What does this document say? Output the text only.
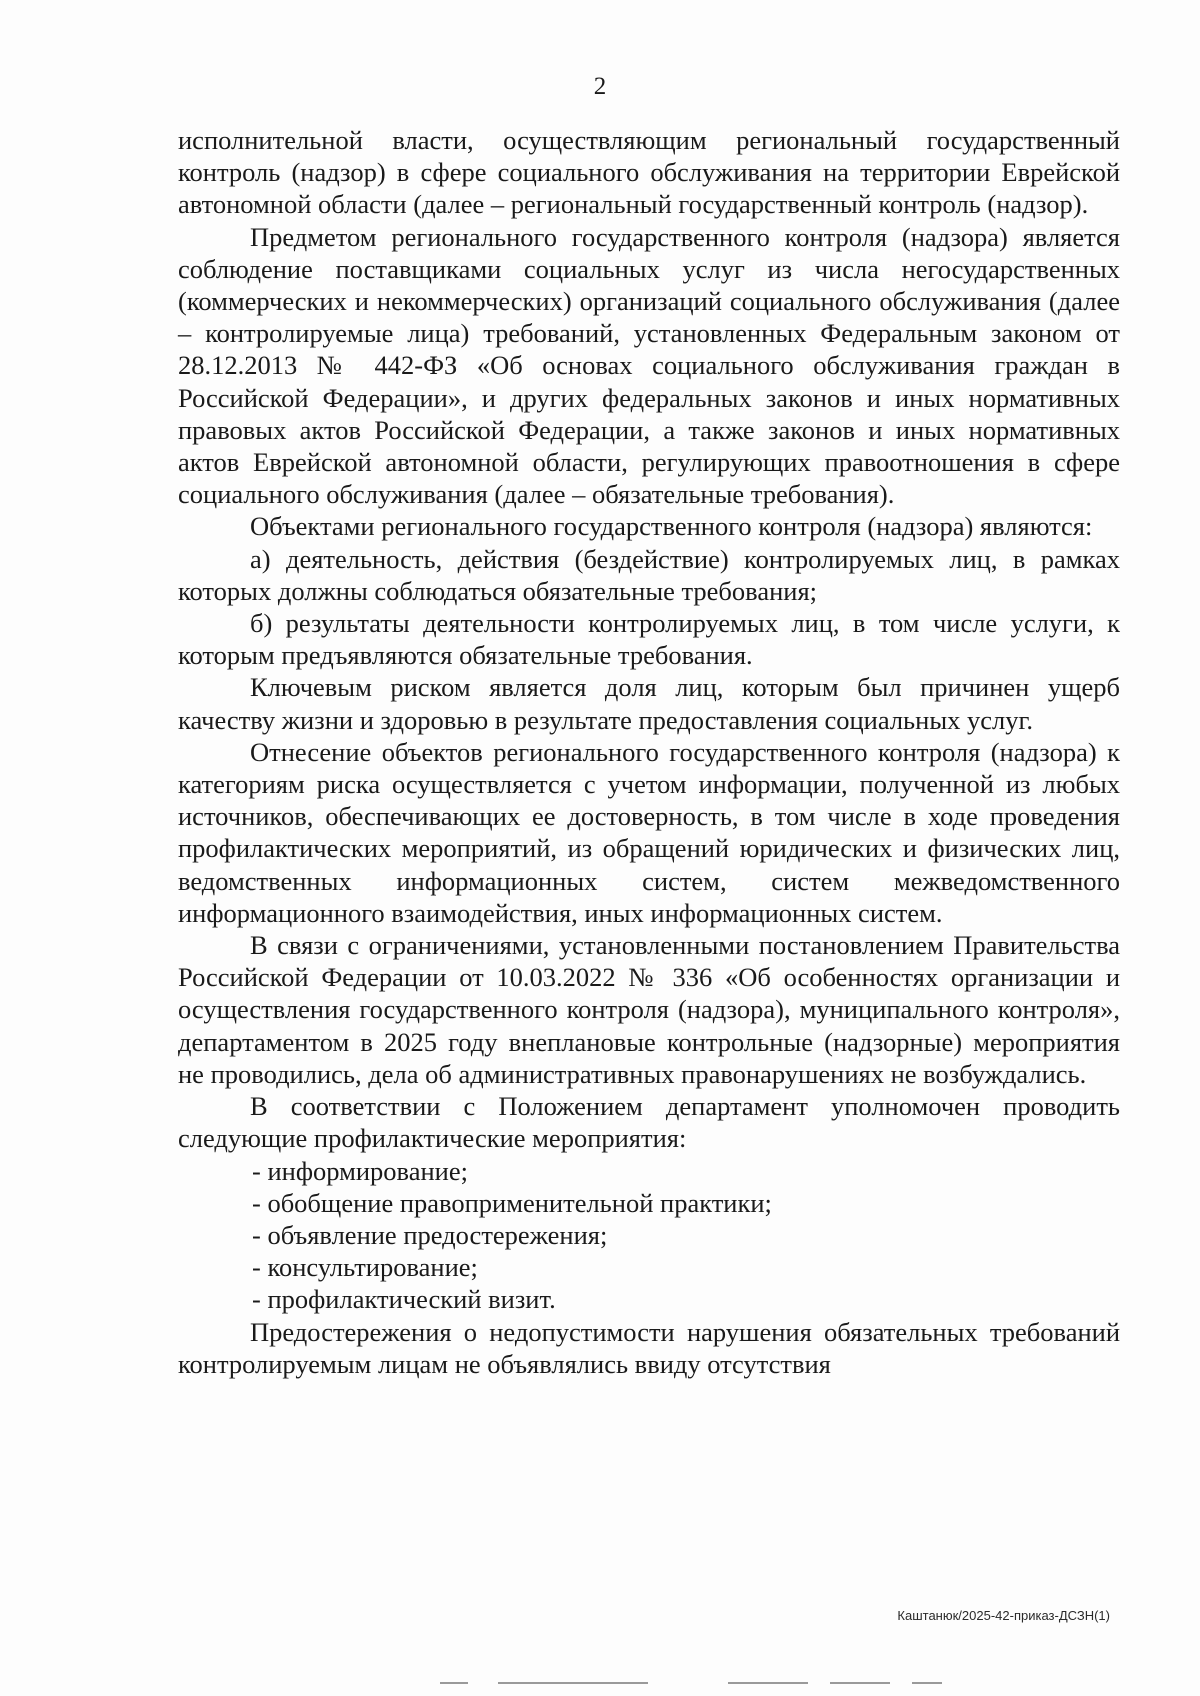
2

исполнительной власти, осуществляющим региональный государственный контроль (надзор) в сфере социального обслуживания на территории Еврейской автономной области (далее – региональный государственный контроль (надзор).

Предметом регионального государственного контроля (надзора) является соблюдение поставщиками социальных услуг из числа негосударственных (коммерческих и некоммерческих) организаций социального обслуживания (далее – контролируемые лица) требований, установленных Федеральным законом от 28.12.2013 № 442-ФЗ «Об основах социального обслуживания граждан в Российской Федерации», и других федеральных законов и иных нормативных правовых актов Российской Федерации, а также законов и иных нормативных актов Еврейской автономной области, регулирующих правоотношения в сфере социального обслуживания (далее – обязательные требования).

Объектами регионального государственного контроля (надзора) являются:

а) деятельность, действия (бездействие) контролируемых лиц, в рамках которых должны соблюдаться обязательные требования;

б) результаты деятельности контролируемых лиц, в том числе услуги, к которым предъявляются обязательные требования.

Ключевым риском является доля лиц, которым был причинен ущерб качеству жизни и здоровью в результате предоставления социальных услуг.

Отнесение объектов регионального государственного контроля (надзора) к категориям риска осуществляется с учетом информации, полученной из любых источников, обеспечивающих ее достоверность, в том числе в ходе проведения профилактических мероприятий, из обращений юридических и физических лиц, ведомственных информационных систем, систем межведомственного информационного взаимодействия, иных информационных систем.

В связи с ограничениями, установленными постановлением Правительства Российской Федерации от 10.03.2022 № 336 «Об особенностях организации и осуществления государственного контроля (надзора), муниципального контроля», департаментом в 2025 году внеплановые контрольные (надзорные) мероприятия не проводились, дела об административных правонарушениях не возбуждались.

В соответствии с Положением департамент уполномочен проводить следующие профилактические мероприятия:

- информирование;

- обобщение правоприменительной практики;

- объявление предостережения;

- консультирование;

- профилактический визит.

Предостережения о недопустимости нарушения обязательных требований контролируемым лицам не объявлялись ввиду отсутствия

Каштанюк/2025-42-приказ-ДСЗН(1)
